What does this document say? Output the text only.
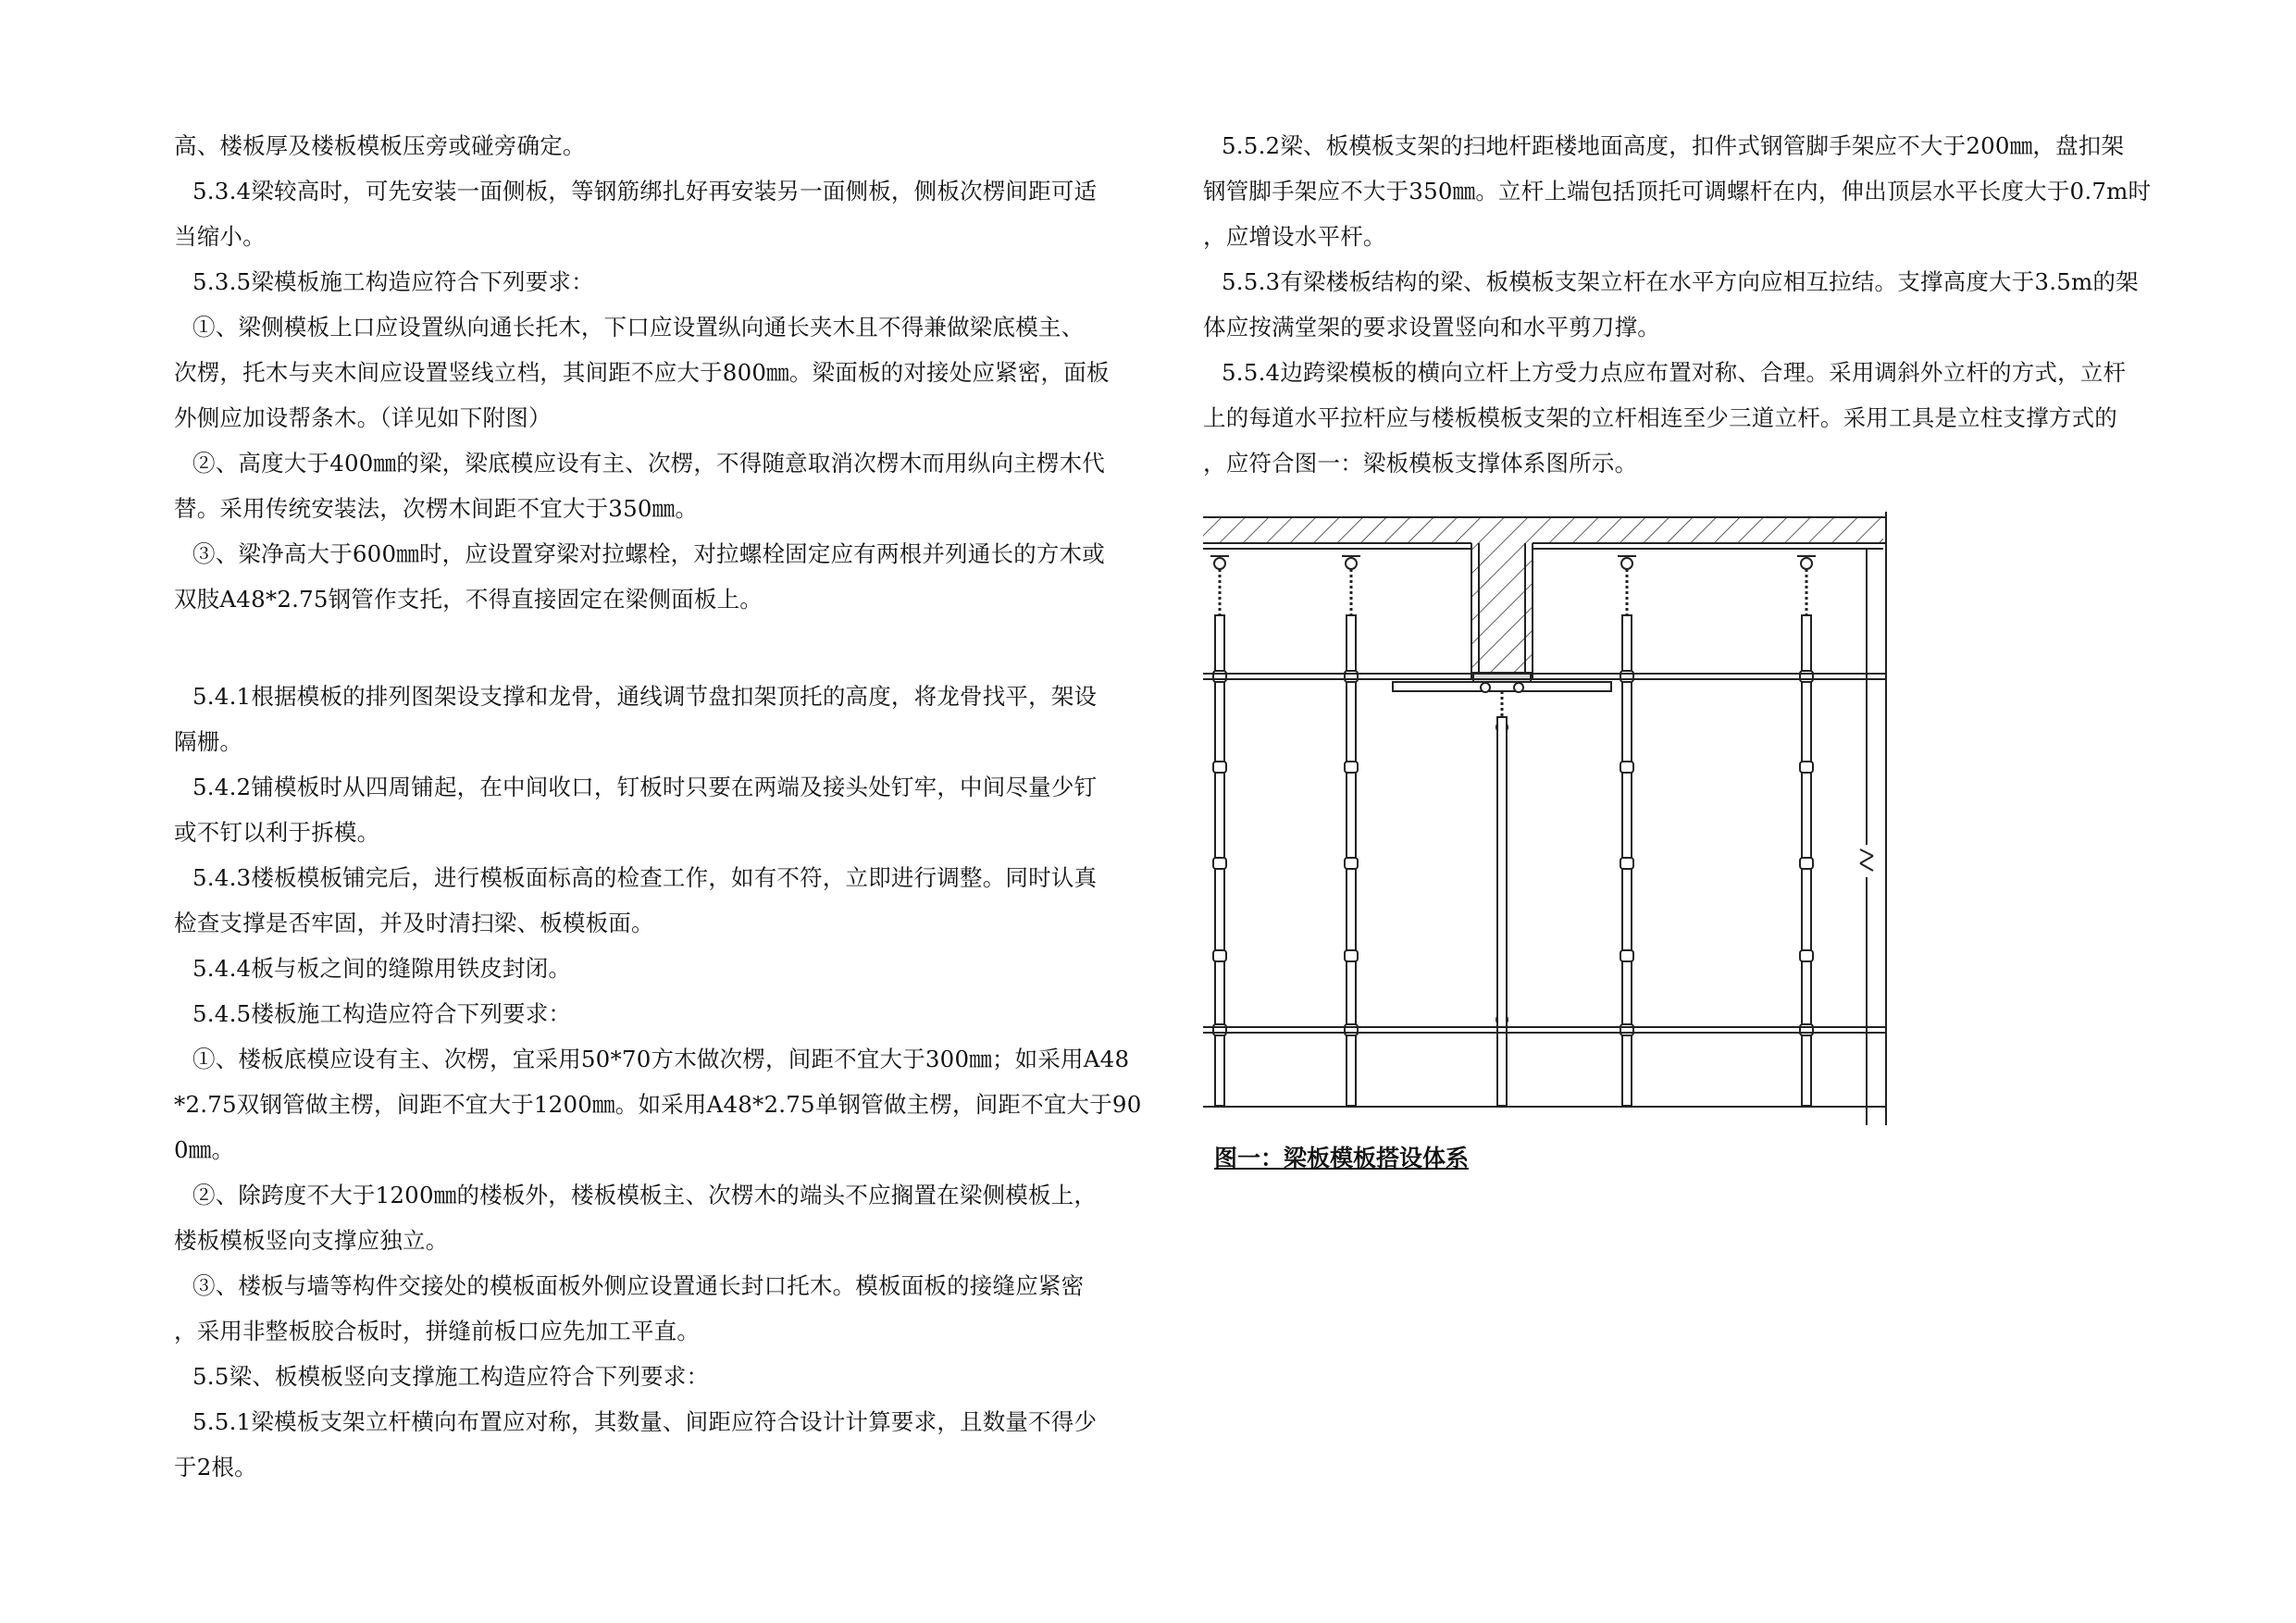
高、楼板厚及楼板模板压旁或碰旁确定。
5.3.4梁较高时，可先安装一面侧板，等钢筋绑扎好再安装另一面侧板，侧板次楞间距可适
当缩小。
5.3.5梁模板施工构造应符合下列要求：
①、梁侧模板上口应设置纵向通长托木，下口应设置纵向通长夹木且不得兼做梁底模主、
次楞，托木与夹木间应设置竖线立档，其间距不应大于800㎜。梁面板的对接处应紧密，面板
外侧应加设帮条木。（详见如下附图）
②、高度大于400㎜的梁，梁底模应设有主、次楞，不得随意取消次楞木而用纵向主楞木代
替。采用传统安装法，次楞木间距不宜大于350㎜。
③、梁净高大于600㎜时，应设置穿梁对拉螺栓，对拉螺栓固定应有两根并列通长的方木或
双肢A48*2.75钢管作支托，不得直接固定在梁侧面板上。
5.4.1根据模板的排列图架设支撑和龙骨，通线调节盘扣架顶托的高度，将龙骨找平，架设
隔栅。
5.4.2铺模板时从四周铺起，在中间收口，钉板时只要在两端及接头处钉牢，中间尽量少钉
或不钉以利于拆模。
5.4.3楼板模板铺完后，进行模板面标高的检查工作，如有不符，立即进行调整。同时认真
检查支撑是否牢固，并及时清扫梁、板模板面。
5.4.4板与板之间的缝隙用铁皮封闭。
5.4.5楼板施工构造应符合下列要求：
①、楼板底模应设有主、次楞，宜采用50*70方木做次楞，间距不宜大于300㎜；如采用A48
*2.75双钢管做主楞，间距不宜大于1200㎜。如采用A48*2.75单钢管做主楞，间距不宜大于90
0㎜。
②、除跨度不大于1200㎜的楼板外，楼板模板主、次楞木的端头不应搁置在梁侧模板上，
楼板模板竖向支撑应独立。
③、楼板与墙等构件交接处的模板面板外侧应设置通长封口托木。模板面板的接缝应紧密
，采用非整板胶合板时，拼缝前板口应先加工平直。
5.5梁、板模板竖向支撑施工构造应符合下列要求：
5.5.1梁模板支架立杆横向布置应对称，其数量、间距应符合设计计算要求，且数量不得少
于2根。
5.5.2梁、板模板支架的扫地杆距楼地面高度，扣件式钢管脚手架应不大于200㎜，盘扣架
钢管脚手架应不大于350㎜。立杆上端包括顶托可调螺杆在内，伸出顶层水平长度大于0.7m时
，应增设水平杆。
5.5.3有梁楼板结构的梁、板模板支架立杆在水平方向应相互拉结。支撑高度大于3.5m的架
体应按满堂架的要求设置竖向和水平剪刀撑。
5.5.4边跨梁模板的横向立杆上方受力点应布置对称、合理。采用调斜外立杆的方式，立杆
上的每道水平拉杆应与楼板模板支架的立杆相连至少三道立杆。采用工具是立柱支撑方式的
，应符合图一：梁板模板支撑体系图所示。
图一：梁板模板搭设体系
